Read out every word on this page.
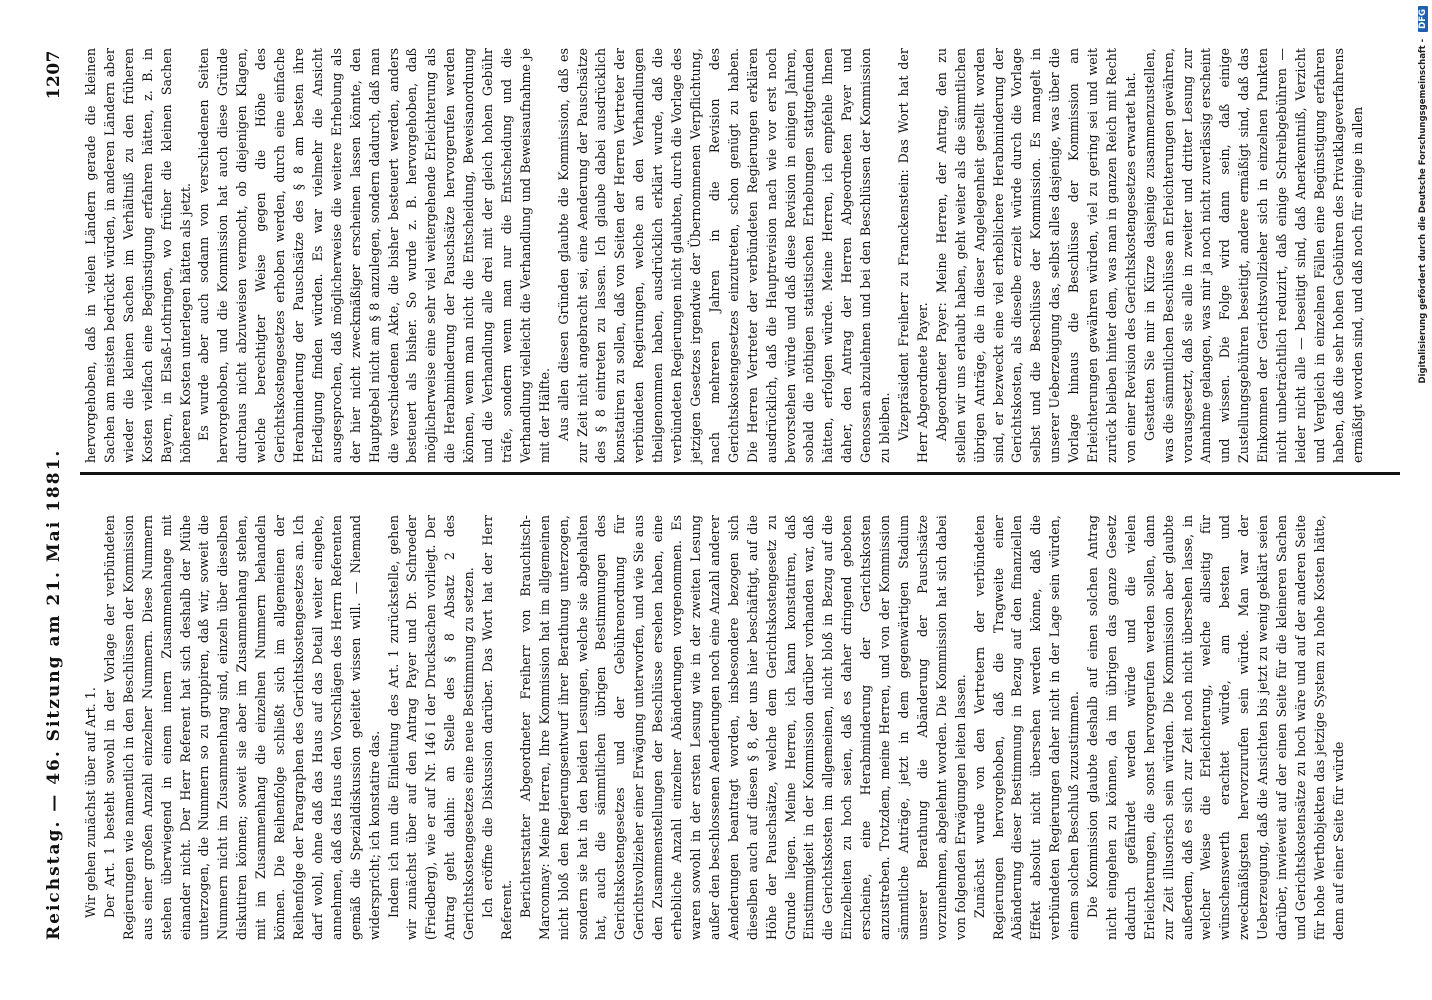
Reichstag. — 46. Sitzung am 21. Mai 1881.
1207

Wir gehen zunächst über auf Art. 1. Der Art. 1 besteht sowohl in der Vorlage der verbündeten Regierungen wie namentlich in den Beschlüssen der Kommission aus einer großen Anzahl einzelner Nummern. Diese Nummern stehen überwiegend in einem innern Zusammenhange mit einander nicht. Der Herr Referent hat sich deshalb der Mühe unterzogen, die Nummern so zu gruppiren, daß wir, soweit die Nummern nicht im Zusammenhang sind, einzeln über dieselben diskutiren können; soweit sie aber im Zusammenhang stehen, mit im Zusammenhang die einzelnen Nummern behandeln können. Die Reihenfolge schließt sich im allgemeinen der Reihenfolge der Paragraphen des Gerichtskostengesetzes an. Ich darf wohl, ohne daß das Haus auf das Detail weiter eingehe, annehmen, daß das Haus den Vorschlägen des Herrn Referenten gemäß die Spezialdiskussion geleitet wissen will. — Niemand widerspricht; ich konstatire das. Indem ich nun die Einleitung des Art. 1 zurückstelle, gehen wir zunächst über auf den Antrag Payer und Dr. Schroeder (Friedberg), wie er auf Nr. 146 I der Drucksachen vorliegt. Der Antrag geht dahin: an Stelle des § 8 Absatz 2 des Gerichtskostengesetzes eine neue Bestimmung zu setzen. Ich eröffne die Diskussion darüber. Das Wort hat der Herr Referent. Berichterstatter Abgeordneter Freiherr von Brauchitsch-Marconnay: Meine Herren, Ihre Kommission hat im allgemeinen nicht bloß den Regierungsentwurf ihrer Berathung unterzogen, sondern sie hat in den beiden Lesungen, welche sie abgehalten hat, auch die sämmtlichen übrigen Bestimmungen des Gerichtskostengesetzes und der Gebührenordnung für Gerichtsvollzieher einer Erwägung unterworfen, und wie Sie aus den Zusammenstellungen der Beschlüsse ersehen haben, eine erhebliche Anzahl einzelner Abänderungen vorgenommen. Es waren sowohl in der ersten Lesung wie in der zweiten Lesung außer den beschlossenen Aenderungen noch eine Anzahl anderer Aenderungen beantragt worden, insbesondere bezogen sich dieselben auch auf diesen § 8, der uns hier beschäftigt, auf die Höhe der Pauschsätze, welche dem Gerichtskostengesetz zu Grunde liegen. Meine Herren, ich kann konstatiren, daß Einstimmigkeit in der Kommission darüber vorhanden war, daß die Gerichtskosten im allgemeinen, nicht bloß in Bezug auf die Einzelheiten zu hoch seien, daß es daher dringend geboten erscheine, eine Herabminderung der Gerichtskosten anzustreben. Trotzdem, meine Herren, und von der Kommission sämmtliche Anträge, jetzt in dem gegenwärtigen Stadium unserer Berathung die Abänderung der Pauschsätze vorzunehmen, abgelehnt worden. Die Kommission hat sich dabei von folgenden Erwägungen leiten lassen. Zunächst wurde von den Vertretern der verbündeten Regierungen hervorgehoben, daß die Tragweite einer Abänderung dieser Bestimmung in Bezug auf den finanziellen Effekt absolut nicht übersehen werden könne, daß die verbündeten Regierungen daher nicht in der Lage sein würden, einem solchen Beschluß zuzustimmen. Die Kommission glaubte deshalb auf einen solchen Antrag nicht eingehen zu können, da im übrigen das ganze Gesetz dadurch gefährdet werden würde und die vielen Erleichterungen, die sonst hervorgerufen werden sollen, dann zur Zeit illusorisch sein würden. Die Kommission aber glaubte außerdem, daß es sich zur Zeit noch nicht übersehen lasse, in welcher Weise die Erleichterung, welche allseitig für wünschenswerth erachtet würde, am besten und zweckmäßigsten hervorzurufen sein würde. Man war der Ueberzeugung, daß die Ansichten bis jetzt zu wenig geklärt seien darüber, inwieweit auf der einen Seite für die kleineren Sachen und Gerichtskostensätze zu hoch wäre und auf der anderen Seite für hohe Werthobjekten das jetzige System zu hohe Kosten hätte, denn auf einer Seite für würde

hervorgehoben, daß in vielen Ländern gerade die kleinen Sachen am meisten bedrückt würden, in anderen Ländern aber wieder die kleinen Sachen im Verhältniß zu den früheren Kosten vielfach eine Begünstigung erfahren hätten, z. B. in Bayern, in Elsaß-Lothringen, wo früher die kleinen Sachen höheren Kosten unterlegen hätten als jetzt. Es wurde aber auch sodann von verschiedenen Seiten hervorgehoben, und die Kommission hat auch diese Gründe durchaus nicht abzuweisen vermocht, ob diejenigen Klagen, welche berechtigter Weise gegen die Höhe des Gerichtskostengesetzes erhoben werden, durch eine einfache Herabminderung der Pauschsätze des § 8 am besten ihre Erledigung finden würden. Es war vielmehr die Ansicht ausgesprochen, daß möglicherweise die weitere Erhebung als der hier nicht zweckmäßiger erscheinen lassen könnte, den Hauptgebel nicht am § 8 anzulegen, sondern dadurch, daß man die verschiedenen Akte, die bisher besteuert werden, anders besteuert als bisher. So wurde z. B. hervorgehoben, daß möglicherweise eine sehr viel weitergehende Erleichterung als die Herabminderung der Pauschsätze hervorgerufen werden können, wenn man nicht die Entscheidung, Beweisanordnung und die Verhandlung alle drei mit der gleich hohen Gebühr träfe, sondern wenn man nur die Entscheidung und die Verhandlung vielleicht die Verhandlung und Beweisaufnahme je mit der Hälfte. Aus allen diesen Gründen glaubte die Kommission, daß es zur Zeit nicht angebracht sei, eine Aenderung der Pauschsätze des § 8 eintreten zu lassen. Ich glaube dabei ausdrücklich konstatiren zu sollen, daß von Seiten der Herren Vertreter der verbündeten Regierungen, welche an den Verhandlungen theilgenommen haben, ausdrücklich erklärt wurde, daß die verbündeten Regierungen nicht glaubten, durch die Vorlage des jetzigen Gesetzes irgendwie der Übernommenen Verpflichtung, nach mehreren Jahren in die Revision des Gerichtskostengesetzes einzutreten, schon genügt zu haben. Die Herren Vertreter der verbündeten Regierungen erklären ausdrücklich, daß die Hauptrevision nach wie vor erst noch bevorstehen würde und daß diese Revision in einigen Jahren, sobald die nöthigen statistischen Erhebungen stattgefunden hätten, erfolgen würde. Meine Herren, ich empfehle Ihnen daher, den Antrag der Herren Abgeordneten Payer und Genossen abzulehnen und bei den Beschlüssen der Kommission zu bleiben. Vizepräsident Freiherr zu Franckenstein: Das Wort hat der Herr Abgeordnete Payer. Abgeordneter Payer: Meine Herren, der Antrag, den zu stellen wir uns erlaubt haben, geht weiter als die sämmtlichen übrigen Anträge, die in dieser Angelegenheit gestellt worden sind, er bezweckt eine viel erheblichere Herabminderung der Gerichtskosten, als dieselbe erzielt würde durch die Vorlage selbst und die Beschlüsse der Kommission. Es mangelt in unserer Ueberzeugung das, selbst alles dasjenige, was über die Vorlage hinaus die Beschlüsse der Kommission an Erleichterungen gewähren würden, viel zu gering sei und weit zurück bleiben hinter dem, was man in ganzen Reich mit Recht von einer Revision des Gerichtskostengesetzes erwartet hat. Gestatten Sie mir in Kürze dasjenige zusammenzustellen, was die sämmtlichen Beschlüsse an Erleichterungen gewähren, vorausgesetzt, daß sie alle in zweiter und dritter Lesung zur Annahme gelangen, was mir ja noch nicht zuverlässig erscheint und wissen. Die Folge wird dann sein, daß einige Zustellungsgebühren beseitigt, andere ermäßigt sind, daß das Einkommen der Gerichtsvollzieher sich in einzelnen Punkten nicht unbeträchtlich reduzirt, daß einige Schreibgebühren — leider nicht alle — beseitigt sind, daß Anerkenntniß, Verzicht und Vergleich in einzelnen Fällen eine Begünstigung erfahren haben, daß die sehr hohen Gebühren des Privatklageverfahrens ermäßigt worden sind, und daß noch für einige in allen	Digitalisierung gefördert durch die Deutsche Forschungsgemeinschaft - DFG
